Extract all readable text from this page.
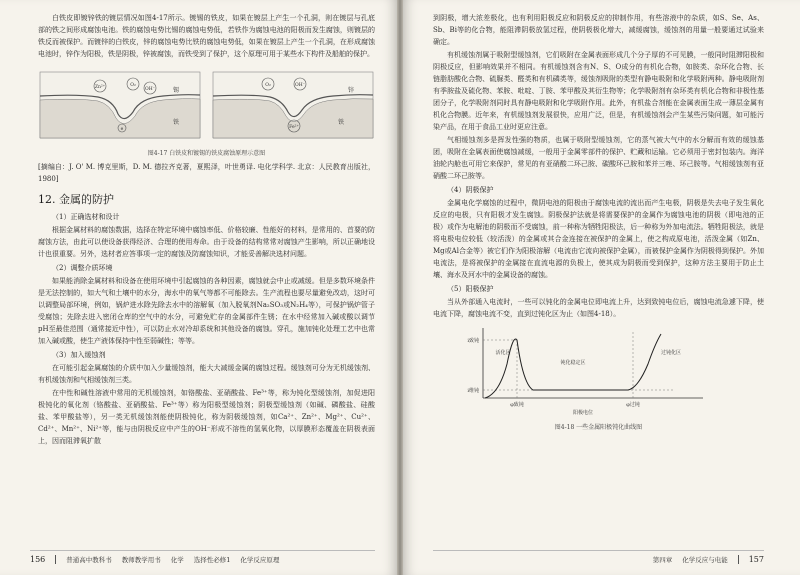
白铁皮即镀锌铁的镀层情况如图4-17所示。镀锡的铁皮，如果在镀层上产生一个孔洞，则在镀层与孔底部的铁之间形成腐蚀电池。铁的腐蚀电势比锡的腐蚀电势低，若铁作为腐蚀电池的阳极而发生腐蚀，则镀层的铁反而被保护。而镀锌的白铁皮，锌的腐蚀电势比铁的腐蚀电势低，如果在镀层上产生一个孔洞，在形成腐蚀电池时，锌作为阳极，铁是阴极，锌被腐蚀，而铁受到了保护，这个原理可用于某些水下构件及船舶的保护。

Zn²⁺	O₂
OH⁻
e
锡
铁
O₂	OH⁻
Fe²⁺
锌
铁
图4-17 白铁皮和镀锡的铁皮腐蚀原理示意图

[摘编自：J. O' M. 博克里斯，D. M. 德拉齐克著，夏熙泽，叶世勇译. 电化学科学. 北京：人民教育出版社，1980]

12. 金属的防护
（1）正确选材和设计

根据金属材料的腐蚀数据，选择在特定环境中腐蚀率低、价格较廉、性能好的材料，是常用的、首要的防腐蚀方法，由此可以使设备获得经济、合理的使用寿命。由于设备的结构常常对腐蚀产生影响，所以正确地设计也很重要。另外，选材者应答事项一定的腐蚀及防腐蚀知识，才能妥善解决选材问题。

（2）调整介质环境

如果能消除金属材料和设备在使用环境中引起腐蚀的各种因素，腐蚀就会中止或减缓。但是多数环境条件是无法控制的，如大气和土壤中的水分，海水中的氧气等都不可能除去。生产流程也要尽量避免改动，这时可以调整局部环境，例如，锅炉进水除先除去水中的溶解氧（加入脱氧剂Na₂SO₃或N₂H₄等），可保护锅炉管子受腐蚀；先除去进入密闭仓库的空气中的水分，可避免贮存的金属部件生锈；在水中经常加入碱或酸以调节pH至最佳范围（通常接近中性），可以防止水对冷却系统和其他设备的腐蚀。穿孔，施加钝化处理工艺中也常加入碱或酸，使生产液体保持中性至弱碱性；等等。

（3）加入缓蚀剂

在可能引起金属腐蚀的介质中加入少量缓蚀剂，能大大减缓金属的腐蚀过程。缓蚀剂可分为无机缓蚀剂、有机缓蚀剂和气相缓蚀剂三类。

在中性和碱性溶液中常用的无机缓蚀剂，如铬酸盐、亚硝酸盐、Fe³⁺等，称为钝化型缓蚀剂，加促进阳极钝化的氧化剂（铬酸盐、亚硝酸盐、Fe³⁺等）称为阳极型缓蚀剂；阴极型缓蚀剂（如碱、磷酸盐、硅酸盐、苯甲酸盐等），另一类无机缓蚀剂能使阴极钝化，称为阴极缓蚀剂，如Ca²⁺、Zn²⁺、Mg²⁺、Cu²⁺、Cd²⁺、Mn²⁺、Ni²⁺等，能与由阴极反应中产生的OH⁻形成不溶性的氢氧化物，以厚膜形态覆盖在阴极表面上，因而阻滞氧扩散

156	普通高中教科书 教师教学用书 化学 选择性必修1 化学反应原理

到阴极，增大浓差极化，也有利用阳极反应和阴极反应的抑制作用，有些溶液中的杂质，如S、Se、As、Sb、Bi等的化合物，能阻滞阴极放氢过程，使阴极极化增大，减缓腐蚀，缓蚀剂的用量一般要通过试验来确定。

有机缓蚀剂属于吸附型缓蚀剂，它们吸附在金属表面形成几个分子厚的不可见膜，一般同时阻滞阳极和阴极反应，但影响效果并不相同。有机缓蚀剂含有N、S、O成分的有机化合物，如胺类、杂环化合物、长链脂肪酸化合物、硫脲类、醛类和有机磷类等，缓蚀剂吸附的类型有静电吸附和化学吸附两种。静电吸附剂有季胺盐及硫化物、苯胺、吡啶、丁胺、苯甲酸及其衍生物等；化学吸附剂有杂环类有机化合物和非极性基团分子，化学吸附剂同时具有静电吸附和化学吸附作用。此外，有机盐合剂能在金属表面生成一薄层金属有机化合物膜。近年来，有机缓蚀剂发展很快，应用广泛，但是，有机缓蚀剂会产生某些污染问题，如可能污染产品，在用于食品工业时更应注意。

气相缓蚀剂多是挥发性强的物质，也属于吸附型缓蚀剂，它的蒸气被大气中的水分解而有效的缓蚀基团，吸附在金属表面使腐蚀减缓，一般用于金属零部件的保护、贮藏和运输。它必须用于密封包装内。海洋油轮内舱也可用它来保护，常见的有亚硝酸二环己胺、碳酸环己胺和苯并三唑、环己胺等。气相缓蚀剂有亚硝酸二环己胺等。

（4）阴极保护

金属电化学腐蚀的过程中，微阴电池的阳极由于腐蚀电流的流出而产生电极，阴极是失去电子发生氧化反应的电极，只有阳极才发生腐蚀。阴极保护法就是将需要保护的金属作为腐蚀电池的阴极（即电池的正极）或作为电解池的阴极而不受腐蚀，前一种称为牺牲阳极法，后一种称为外加电流法。牺牲阳极法，就是将电极电位较低（较活泼）的金属或其合金连接在被保护的金属上，使之构成原电池，活泼金属（如Zn、Mg或Al合金等）被它们作为阳极溶解（电流由它流向被保护金属），而被保护金属作为阴极得到保护。外加电流法，是将被保护的金属接在直流电源的负极上，使其成为阴极而受到保护，这种方法主要用于防止土壤、海水及河水中的金属设备的腐蚀。

（5）阳极保护

当从外部通入电流时，一些可以钝化的金属电位即电流上升，达到致钝电位后，腐蚀电流急遽下降，使电流下降，腐蚀电流不变，直到过钝化区为止（如图4-18）。

i致钝
i维钝
φ致钝	φ过钝
活化区
钝化稳定区
过钝化区
阳极电位
图4-18 一些金属阳极钝化曲线图
第四章 化学反应与电能	157
